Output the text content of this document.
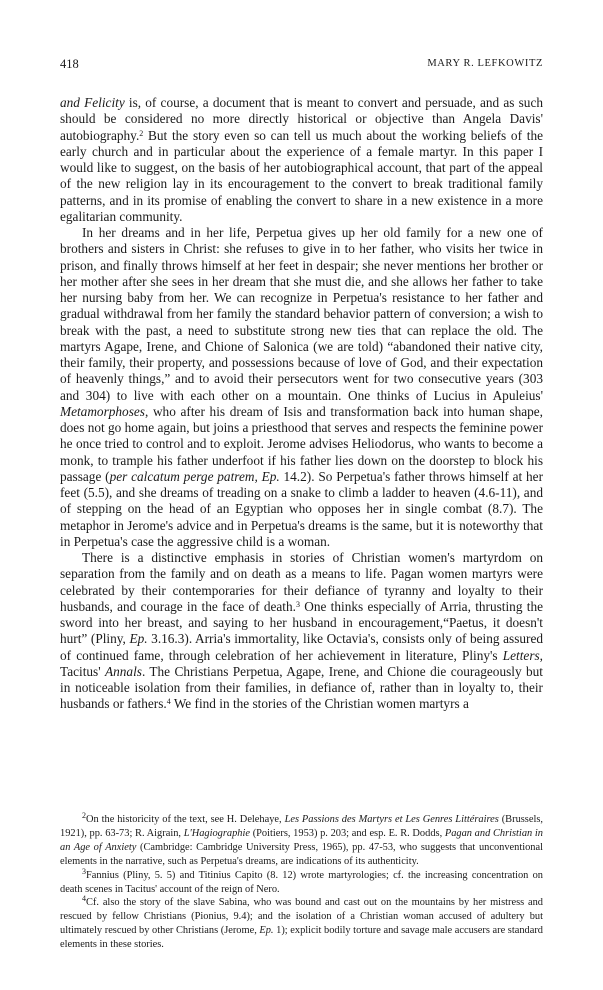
418	MARY R. LEFKOWITZ

and Felicity is, of course, a document that is meant to convert and persuade, and as such should be considered no more directly historical or objective than Angela Davis' autobiography.$^2$ But the story even so can tell us much about the working beliefs of the early church and in particular about the experience of a female martyr. In this paper I would like to suggest, on the basis of her autobiographical account, that part of the appeal of the new religion lay in its encouragement to the convert to break traditional family patterns, and in its promise of enabling the convert to share in a new existence in a more egalitarian community.

In her dreams and in her life, Perpetua gives up her old family for a new one of brothers and sisters in Christ: she refuses to give in to her father, who visits her twice in prison, and finally throws himself at her feet in despair; she never mentions her brother or her mother after she sees in her dream that she must die, and she allows her father to take her nursing baby from her. We can recognize in Perpetua's resistance to her father and gradual withdrawal from her family the standard behavior pattern of conversion; a wish to break with the past, a need to substitute strong new ties that can replace the old. The martyrs Agape, Irene, and Chione of Salonica (we are told) “abandoned their native city, their family, their property, and possessions because of love of God, and their expectation of heavenly things,” and to avoid their persecutors went for two consecutive years (303 and 304) to live with each other on a mountain. One thinks of Lucius in Apuleius' Metamorphoses, who after his dream of Isis and transformation back into human shape, does not go home again, but joins a priesthood that serves and respects the feminine power he once tried to control and to exploit. Jerome advises Heliodorus, who wants to become a monk, to trample his father underfoot if his father lies down on the doorstep to block his passage (per calcatum perge patrem, Ep. 14.2). So Perpetua's father throws himself at her feet (5.5), and she dreams of treading on a snake to climb a ladder to heaven (4.6-11), and of stepping on the head of an Egyptian who opposes her in single combat (8.7). The metaphor in Jerome's advice and in Perpetua's dreams is the same, but it is noteworthy that in Perpetua's case the aggressive child is a woman.

There is a distinctive emphasis in stories of Christian women's martyrdom on separation from the family and on death as a means to life. Pagan women martyrs were celebrated by their contemporaries for their defiance of tyranny and loyalty to their husbands, and courage in the face of death.$^3$ One thinks especially of Arria, thrusting the sword into her breast, and saying to her husband in encouragement,“Paetus, it doesn't hurt” (Pliny, Ep. 3.16.3). Arria's immortality, like Octavia's, consists only of being assured of continued fame, through celebration of her achievement in literature, Pliny's Letters, Tacitus' Annals. The Christians Perpetua, Agape, Irene, and Chione die courageously but in noticeable isolation from their families, in defiance of, rather than in loyalty to, their husbands or fathers.$^4$ We find in the stories of the Christian women martyrs a

$^2$On the historicity of the text, see H. Delehaye, Les Passions des Martyrs et Les Genres Littéraires (Brussels, 1921), pp. 63-73; R. Aigrain, L'Hagiographie (Poitiers, 1953) p. 203; and esp. E. R. Dodds, Pagan and Christian in an Age of Anxiety (Cambridge: Cambridge University Press, 1965), pp. 47-53, who suggests that unconventional elements in the narrative, such as Perpetua's dreams, are indications of its authenticity.

$^3$Fannius (Pliny, 5. 5) and Titinius Capito (8. 12) wrote martyrologies; cf. the increasing concentration on death scenes in Tacitus' account of the reign of Nero.

$^4$Cf. also the story of the slave Sabina, who was bound and cast out on the mountains by her mistress and rescued by fellow Christians (Pionius, 9.4); and the isolation of a Christian woman accused of adultery but ultimately rescued by other Christians (Jerome, Ep. 1); explicit bodily torture and savage male accusers are standard elements in these stories.
